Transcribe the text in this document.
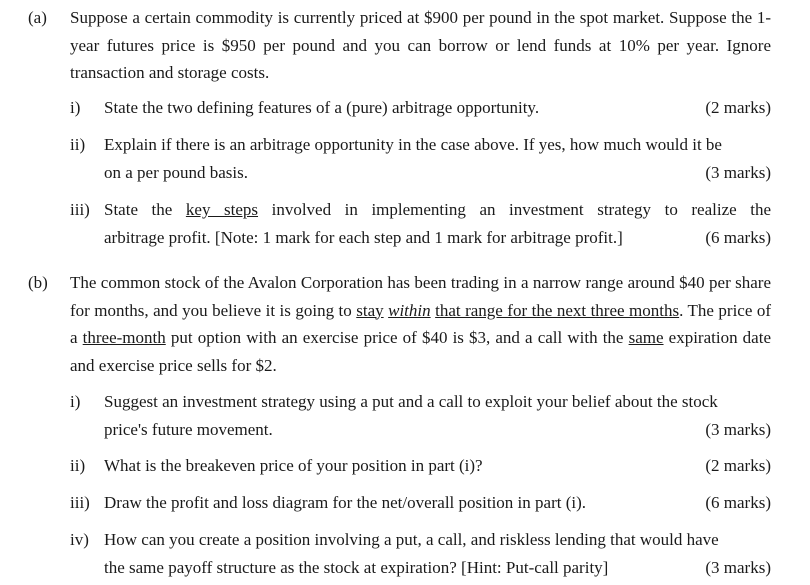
(a) Suppose a certain commodity is currently priced at $900 per pound in the spot market. Suppose the 1-year futures price is $950 per pound and you can borrow or lend funds at 10% per year. Ignore transaction and storage costs.
i) State the two defining features of a (pure) arbitrage opportunity.	(2 marks)
ii) Explain if there is an arbitrage opportunity in the case above. If yes, how much would it be
on a per pound basis.	(3 marks)
iii) State the key steps involved in implementing an investment strategy to realize the
arbitrage profit. [Note: 1 mark for each step and 1 mark for arbitrage profit.]	(6 marks)
(b) The common stock of the Avalon Corporation has been trading in a narrow range around $40 per share for months, and you believe it is going to stay within that range for the next three months. The price of a three-month put option with an exercise price of $40 is $3, and a call with the same expiration date and exercise price sells for $2.
i) Suggest an investment strategy using a put and a call to exploit your belief about the stock
price's future movement.	(3 marks)
ii) What is the breakeven price of your position in part (i)?	(2 marks)
iii) Draw the profit and loss diagram for the net/overall position in part (i).	(6 marks)
iv) How can you create a position involving a put, a call, and riskless lending that would have
the same payoff structure as the stock at expiration? [Hint: Put-call parity]	(3 marks)
